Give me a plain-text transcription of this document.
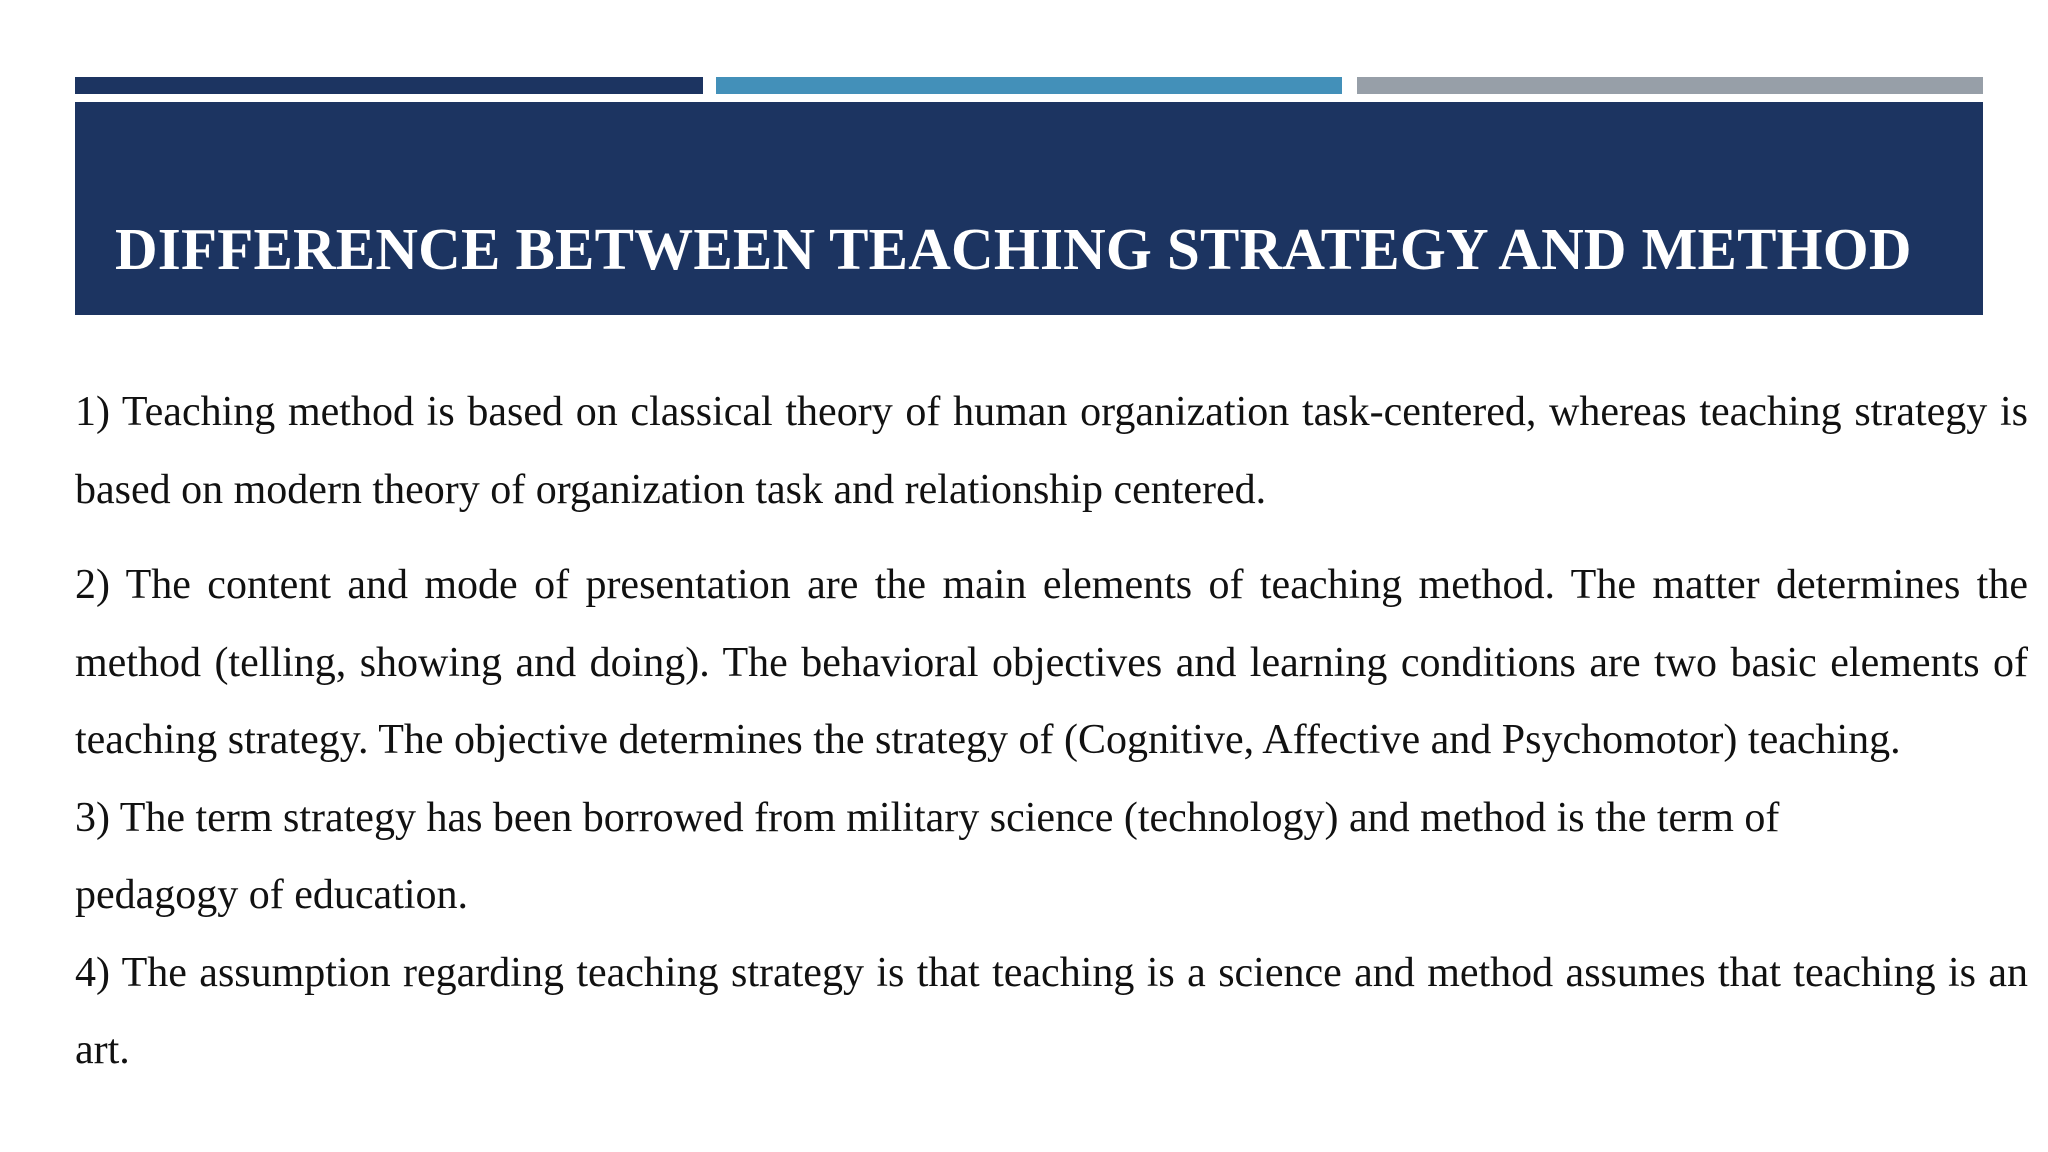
DIFFERENCE BETWEEN TEACHING STRATEGY AND METHOD

1) Teaching method is based on classical theory of human organization task-centered, whereas teaching strategy is based on modern theory of organization task and relationship centered.

2) The content and mode of presentation are the main elements of teaching method. The matter determines the method (telling, showing and doing). The behavioral objectives and learning conditions are two basic elements of teaching strategy. The objective determines the strategy of (Cognitive, Affective and Psychomotor) teaching.

3) The term strategy has been borrowed from military science (technology) and method is the term of

pedagogy of education.

4) The assumption regarding teaching strategy is that teaching is a science and method assumes that teaching is an art.
